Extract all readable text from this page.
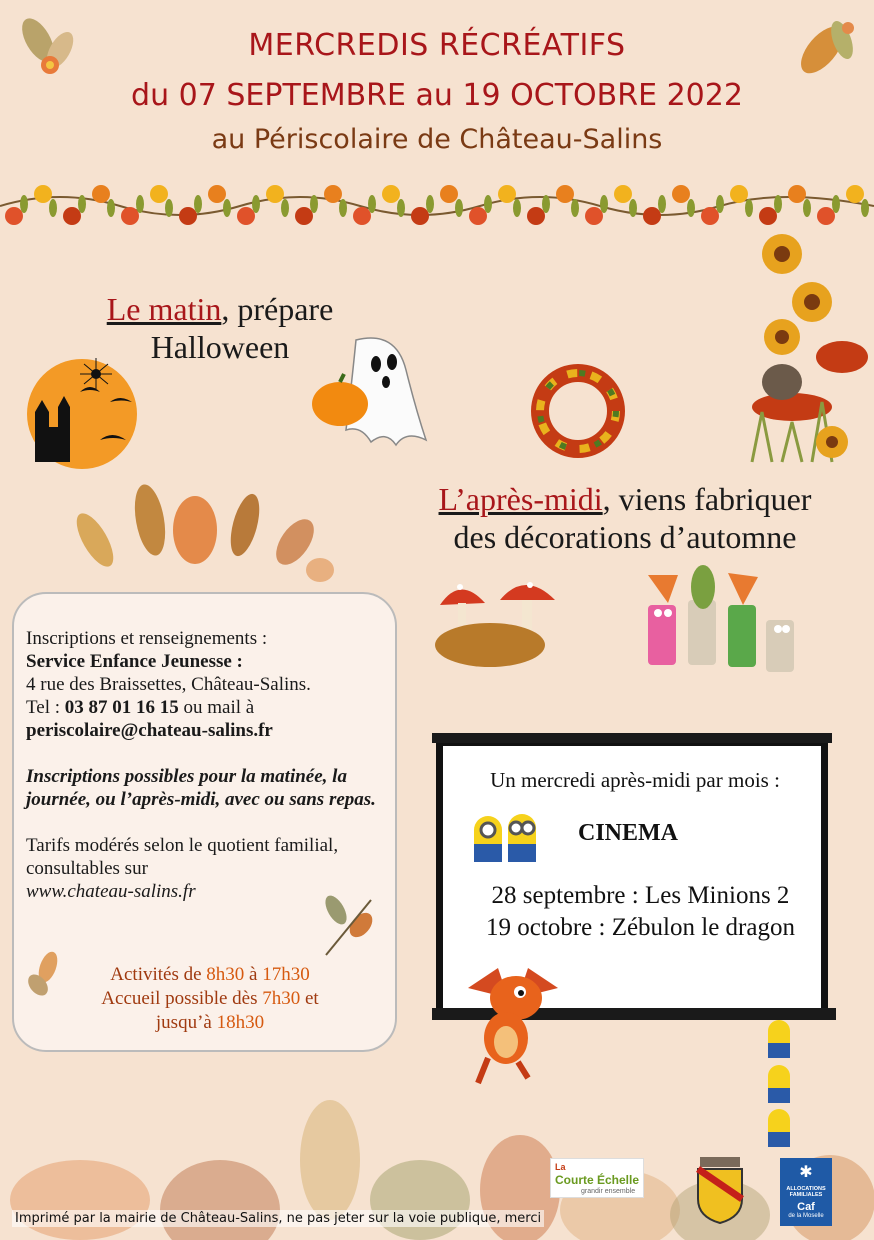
MERCREDIS RÉCRÉATIFS
du 07 SEPTEMBRE au 19 OCTOBRE 2022
au Périscolaire de Château-Salins
Le matin, prépare
Halloween
L’après-midi, viens fabriquer
des décorations d’automne
Inscriptions et renseignements :
Service Enfance Jeunesse :
4 rue des Braissettes, Château-Salins.
Tel : 03 87 01 16 15 ou mail à
periscolaire@chateau-salins.fr
Inscriptions possibles pour la matinée, la journée, ou l’après-midi, avec ou sans repas.
Tarifs modérés selon le quotient familial, consultables sur
www.chateau-salins.fr
Activités de 8h30 à 17h30
Accueil possible dès 7h30 et
jusqu’à 18h30
Un mercredi après-midi par mois :
CINEMA
28 septembre : Les Minions 2
19 octobre : Zébulon le dragon
La
Courte Échelle
grandir ensemble
✱
ALLOCATIONS FAMILIALES
Caf
de la Moselle
Imprimé par la mairie de Château-Salins, ne pas jeter sur la voie publique, merci
